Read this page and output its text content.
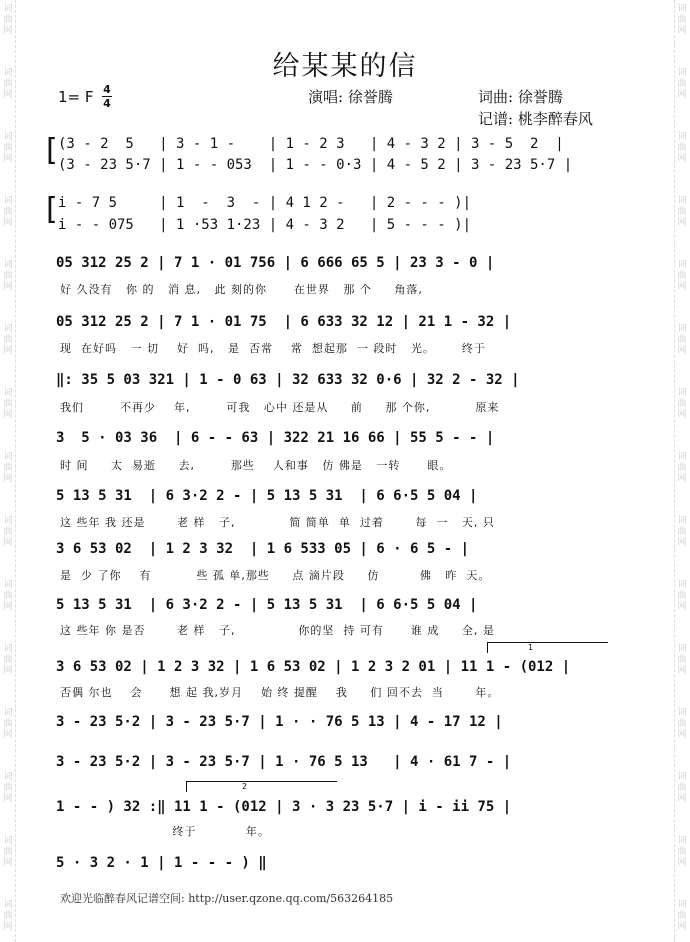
词
曲
网
词
曲
网
词
曲
网
词
曲
网
词
曲
网
词
曲
网
词
曲
网
词
曲
网
词
曲
网
词
曲
网
词
曲
网
词
曲
网
词
曲
网
词
曲
网
词
曲
网
词
曲
网
词
曲
网
词
曲
网
词
曲
网
词
曲
网
词
曲
网
词
曲
网
词
曲
网
词
曲
网
词
曲
网
词
曲
网
词
曲
网
词
曲
网
词
曲
网
词
曲
网
给某某的信
1= F 4
4	演唱: 徐誉腾	词曲: 徐誉腾
记谱: 桃李醉春风
[
[
(3 - 2  5   | 3 - 1 -    | 1 - 2 3   | 4 - 3 2 | 3 - 5  2  |
(3 - 23 5·7 | 1 - - 053  | 1 - - 0·3 | 4 - 5 2 | 3 - 23 5·7 |
i - 7 5     | 1  -  3  - | 4 1 2 -   | 2 - - - )|
i - - 075   | 1 ·53 1·23 | 4 - 3 2   | 5 - - - )|
05 312 25 2 | 7 1 · 01 756 | 6 666 65 5 | 23 3 - 0 |
好 久没有   你 的   消 息,   此 刻的你      在世界   那 个     角落,
05 312 25 2 | 7 1 · 01 75  | 6 633 32 12 | 21 1 - 32 |
现  在好吗   一 切    好  吗,   是  否常    常  想起那  一 段时   光。      终于
‖: 35 5 03 321 | 1 - 0 63 | 32 633 32 0·6 | 32 2 - 32 |
我们        不再少    年,        可我   心中 还是从     前     那 个你,          原来
3  5 · 03 36  | 6 - - 63 | 322 21 16 66 | 55 5 - - |
时 间     太  易逝     去,        那些    人和事   仿 佛是   一转      眼。
5 13 5 31  | 6 3·2 2 - | 5 13 5 31  | 6 6·5 5 04 |
这 些年 我 还是       老 样   子,            简 简单  单  过着       每  一   天, 只
3 6 53 02  | 1 2 3 32  | 1 6 533 05 | 6 · 6 5 - |
是  少 了你    有          些 孤 单,那些     点 滴片段     仿         佛   昨  天。
5 13 5 31  | 6 3·2 2 - | 5 13 5 31  | 6 6·5 5 04 |
这 些年 你 是否       老 样   子,              你的坚  持 可有      谁 成     全, 是
1
3 6 53 02 | 1 2 3 32 | 1 6 53 02 | 1 2 3 2 01 | 11 1 - (012 |
否偶 尔也    会      想 起 我,岁月    始 终 提醒    我     们 回不去  当       年。
3 - 23 5·2 | 3 - 23 5·7 | 1 · · 76 5 13 | 4 - 17 12 |
3 - 23 5·2 | 3 - 23 5·7 | 1 · 76 5 13   | 4 · 61 7 - |
2
1 - - ) 32 :‖ 11 1 - (012 | 3 · 3 23 5·7 | i - ii 75 |
终于           年。
5 · 3 2 · 1 | 1 - - - ) ‖
欢迎光临醉春风记谱空间: http://user.qzone.qq.com/563264185
